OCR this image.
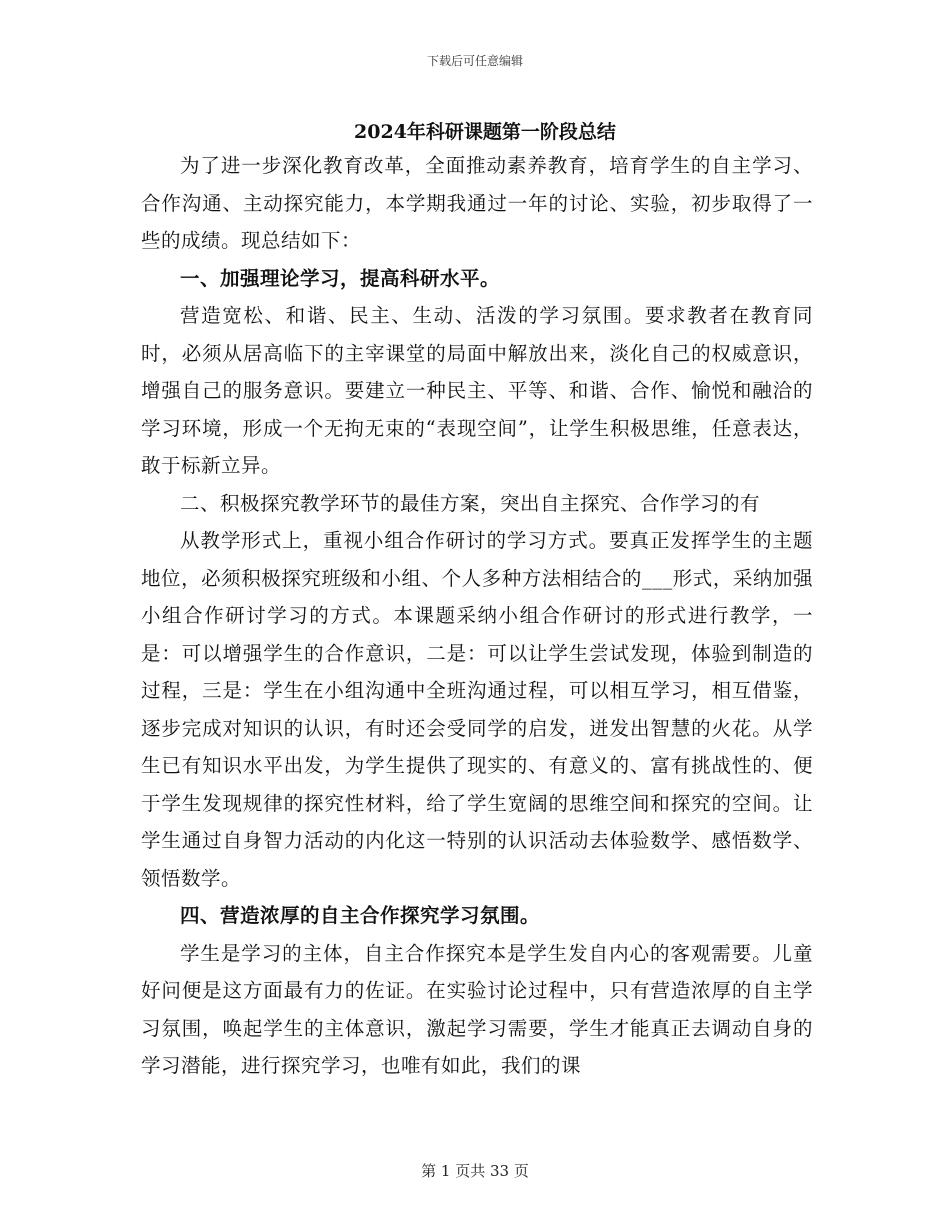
下载后可任意编辑
2024年科研课题第一阶段总结

为了进一步深化教育改革，全面推动素养教育，培育学生的自主学习、合作沟通、主动探究能力，本学期我通过一年的讨论、实验，初步取得了一些的成绩。现总结如下：

一、加强理论学习，提高科研水平。

营造宽松、和谐、民主、生动、活泼的学习氛围。要求教者在教育同时，必须从居高临下的主宰课堂的局面中解放出来，淡化自己的权威意识，增强自己的服务意识。要建立一种民主、平等、和谐、合作、愉悦和融洽的学习环境，形成一个无拘无束的“表现空间”，让学生积极思维，任意表达，敢于标新立异。

二、积极探究教学环节的最佳方案，突出自主探究、合作学习的有

从教学形式上，重视小组合作研讨的学习方式。要真正发挥学生的主题地位，必须积极探究班级和小组、个人多种方法相结合的___形式，采纳加强小组合作研讨学习的方式。本课题采纳小组合作研讨的形式进行教学，一是：可以增强学生的合作意识，二是：可以让学生尝试发现，体验到制造的过程，三是：学生在小组沟通中全班沟通过程，可以相互学习，相互借鉴，逐步完成对知识的认识，有时还会受同学的启发，迸发出智慧的火花。从学生已有知识水平出发，为学生提供了现实的、有意义的、富有挑战性的、便于学生发现规律的探究性材料，给了学生宽阔的思维空间和探究的空间。让学生通过自身智力活动的内化这一特别的认识活动去体验数学、感悟数学、领悟数学。

四、营造浓厚的自主合作探究学习氛围。

学生是学习的主体，自主合作探究本是学生发自内心的客观需要。儿童好问便是这方面最有力的佐证。在实验讨论过程中，只有营造浓厚的自主学习氛围，唤起学生的主体意识，激起学习需要，学生才能真正去调动自身的学习潜能，进行探究学习，也唯有如此，我们的课

第 1 页共 33 页
